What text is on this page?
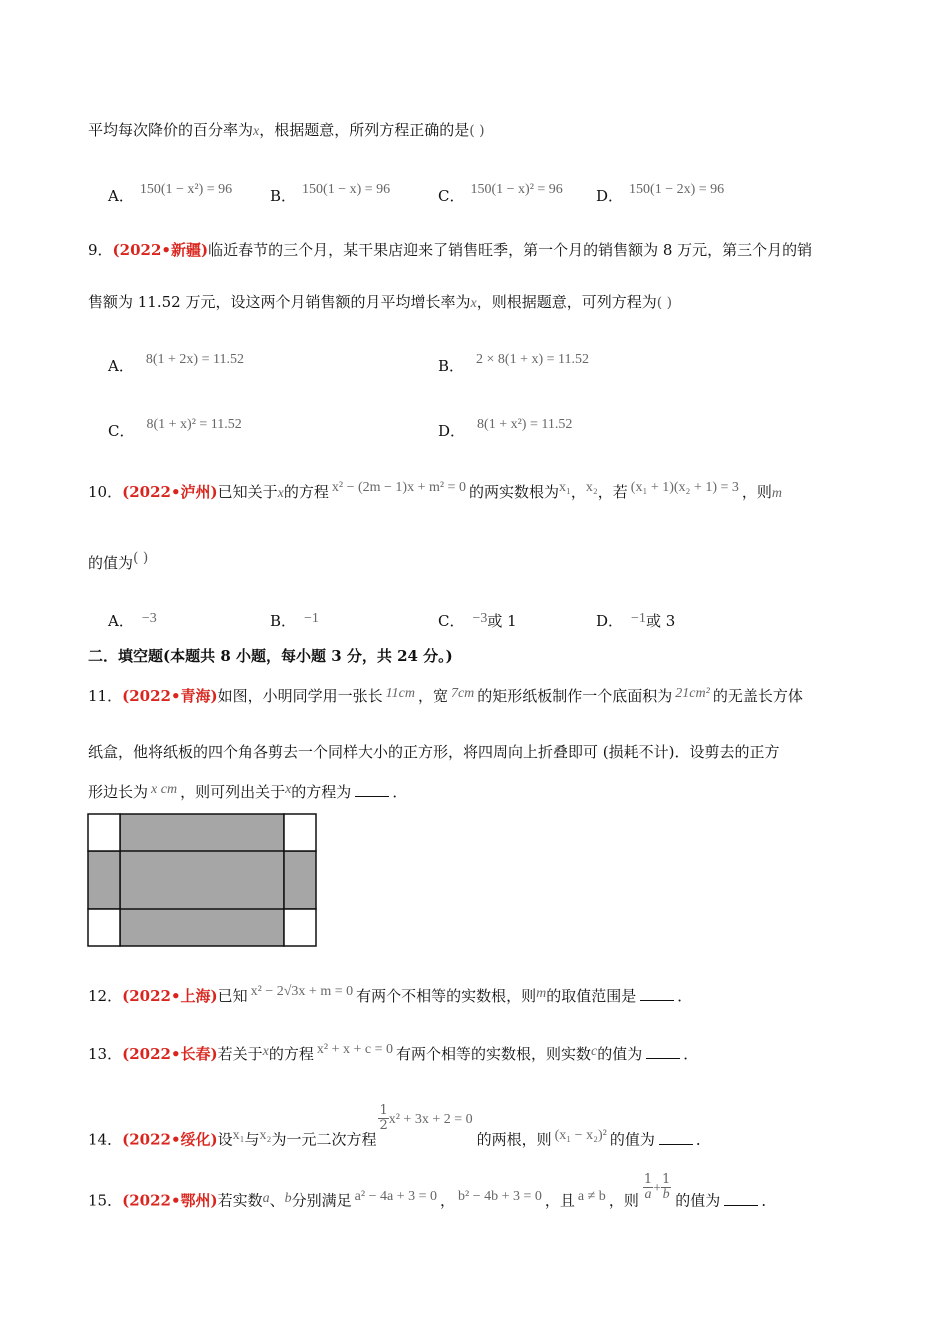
平均每次降价的百分率为x，根据题意，所列方程正确的是( )
A． 150(1 − x²) = 96	B． 150(1 − x) = 96	C． 150(1 − x)² = 96 D． 150(1 − 2x) = 96
9．(2022•新疆)临近春节的三个月，某干果店迎来了销售旺季，第一个月的销售额为 8 万元，第三个月的销
售额为 11.52 万元，设这两个月销售额的月平均增长率为x，则根据题意，可列方程为( )
A． 8(1 + 2x) = 11.52	B． 2 × 8(1 + x) = 11.52
C． 8(1 + x)² = 11.52	D． 8(1 + x²) = 11.52
10．(2022•泸州)已知关于x的方程 x² − (2m − 1)x + m² = 0 的两实数根为x₁，x₂，若 (x₁ + 1)(x₂ + 1) = 3 ，则m
的值为( )
A． −3	B． −1	C． −3或 1	D． −1或 3
二．填空题(本题共 8 小题，每小题 3 分，共 24 分。)
11．(2022•青海)如图，小明同学用一张长 11cm ，宽 7cm 的矩形纸板制作一个底面积为 21cm² 的无盖长方体
纸盒，他将纸板的四个角各剪去一个同样大小的正方形，将四周向上折叠即可 (损耗不计)．设剪去的正方
形边长为 x cm ，则可列出关于x的方程为	．
12．(2022•上海)已知 x² − 2√3x + m = 0 有两个不相等的实数根，则m的取值范围是	．
13．(2022•长春)若关于x的方程 x² + x + c = 0 有两个相等的实数根，则实数c的值为	．
14．(2022•绥化)设x₁与x₂为一元二次方程
$\frac{1}{2} x^2 + 3x + 2 = 0$的两根，则 (x₁ − x₂)² 的值为	．
15．(2022•鄂州)若实数a、b分别满足 a² − 4a + 3 = 0 ， b² − 4b + 3 = 0 ，且 a ≠ b ，则 $\frac{1}{a} + \frac{1}{b}$ 的值为	．
